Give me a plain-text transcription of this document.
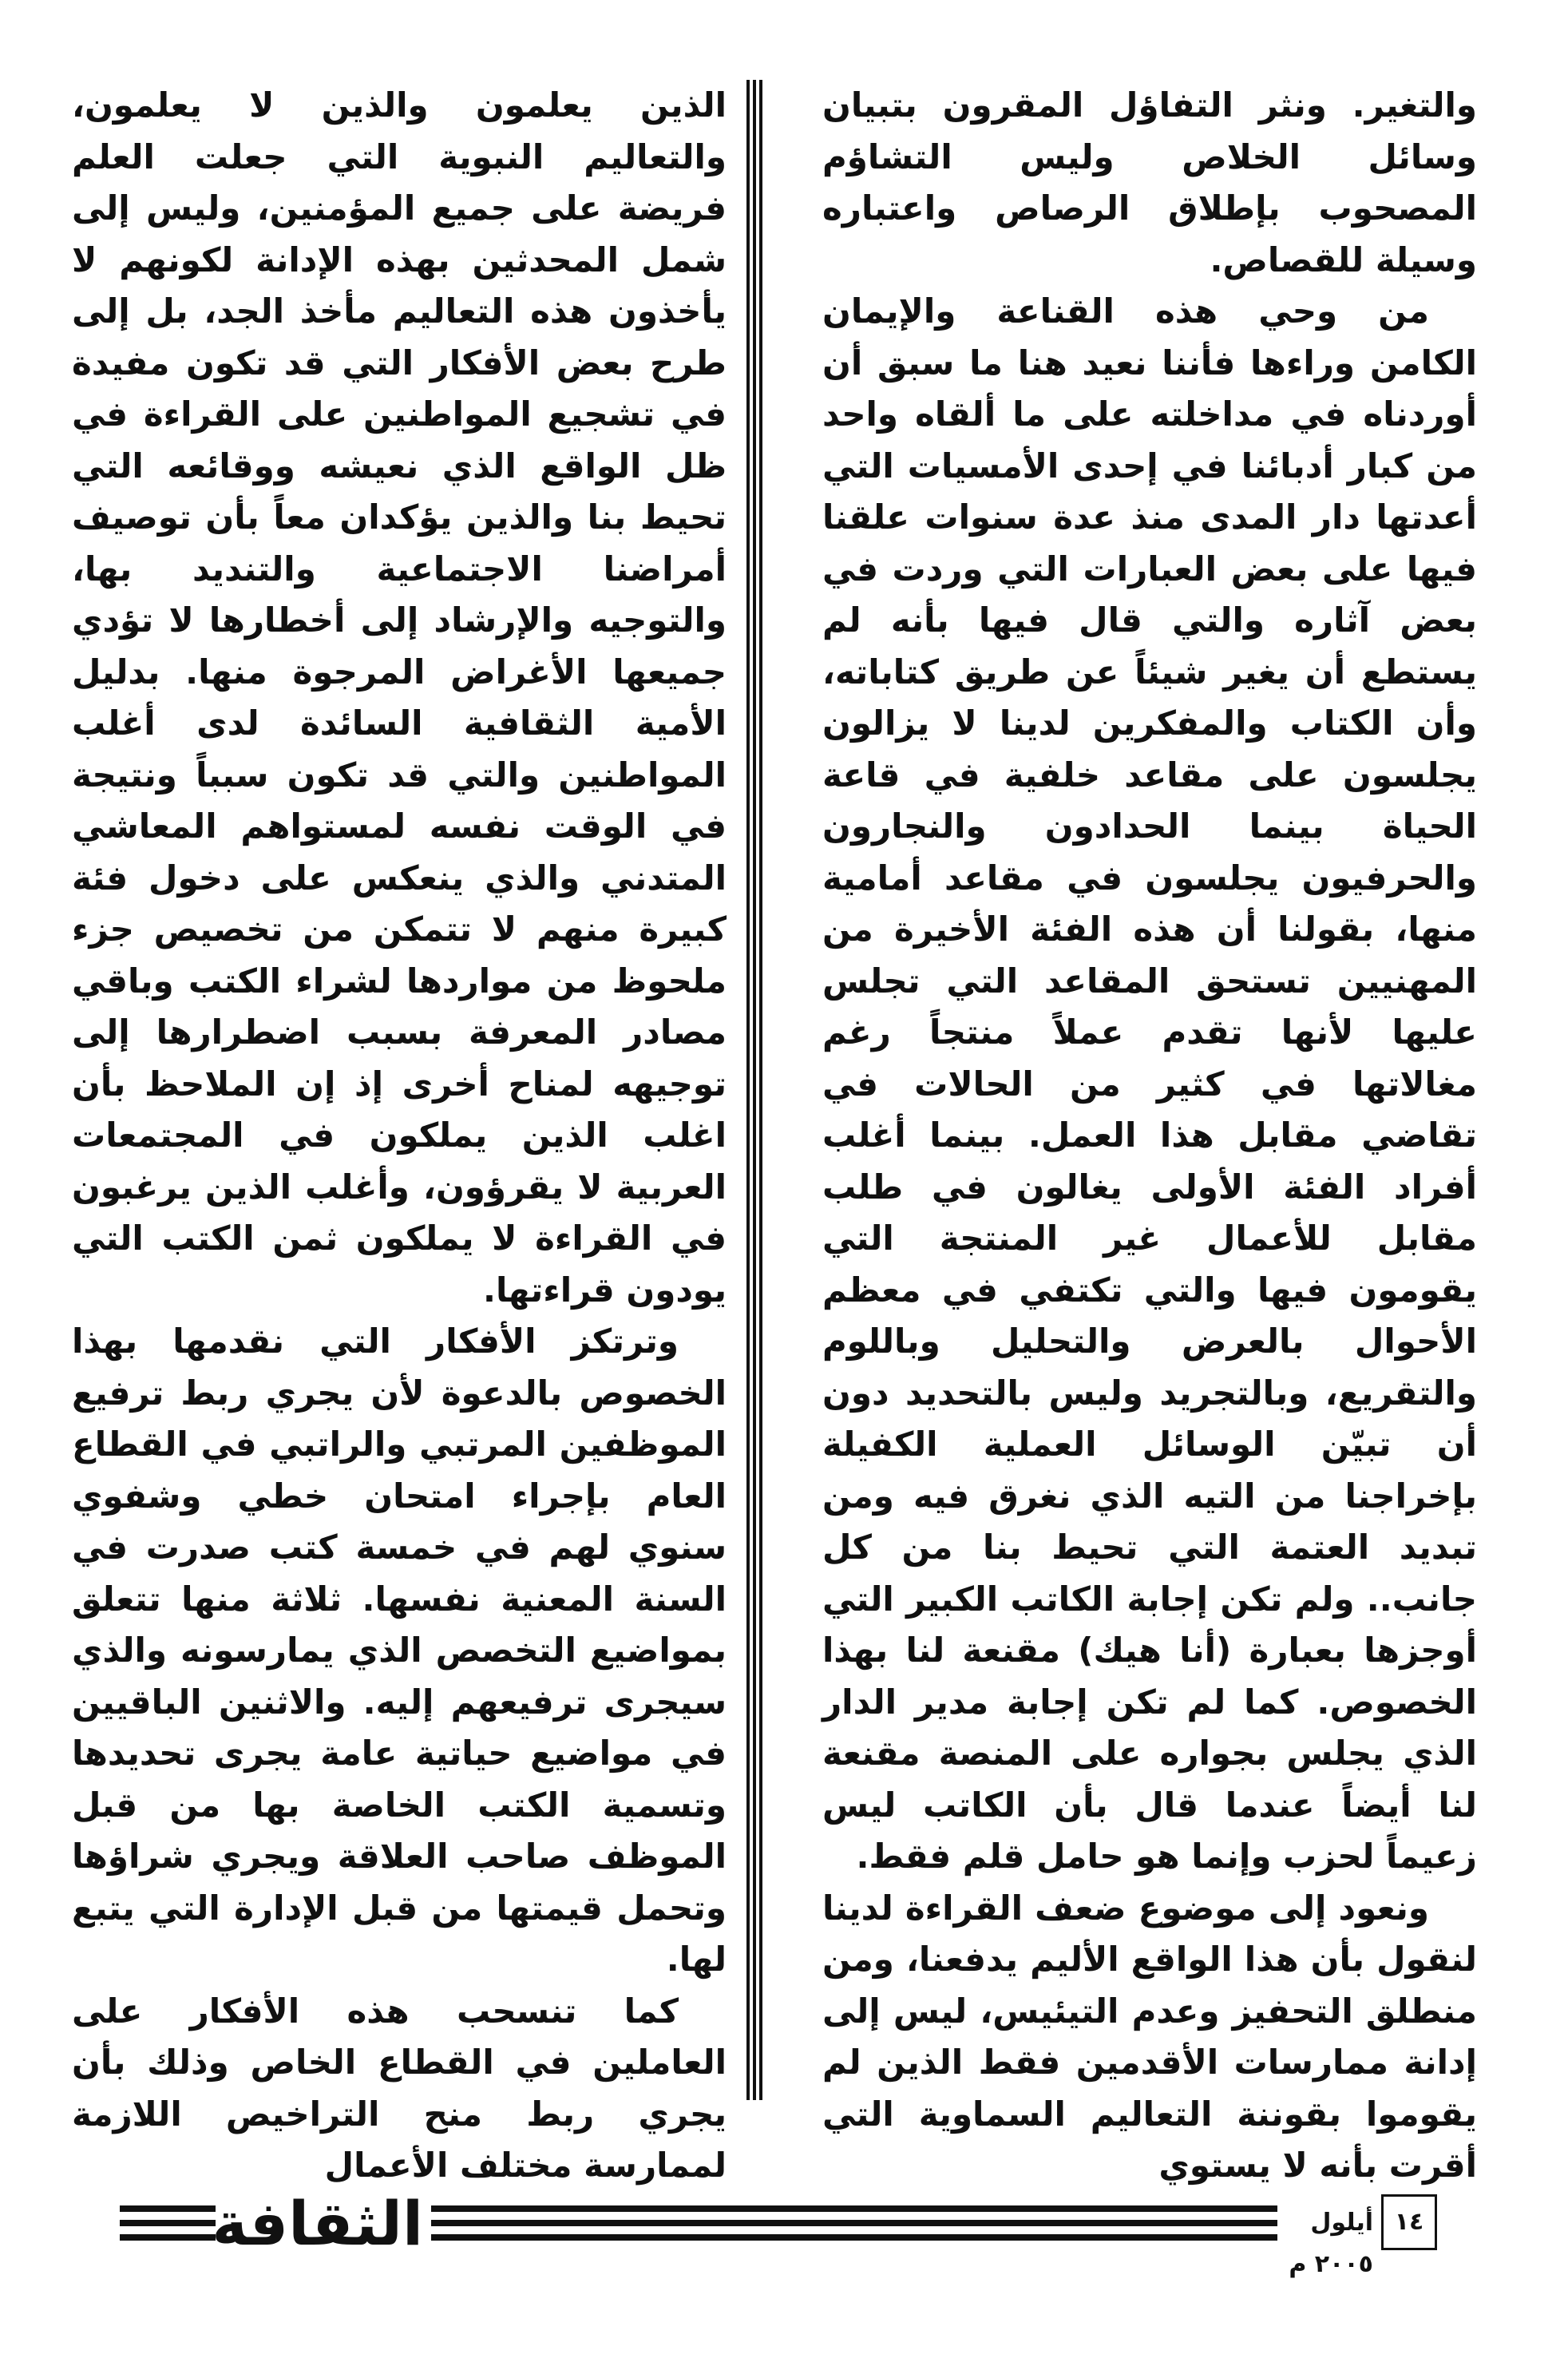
والتغير. ونثر التفاؤل المقرون بتبيان وسائل الخلاص وليس التشاؤم المصحوب بإطلاق الرصاص واعتباره وسيلة للقصاص.

من وحي هذه القناعة والإيمان الكامن وراءها فأننا نعيد هنا ما سبق أن أوردناه في مداخلته على ما ألقاه واحد من كبار أدبائنا في إحدى الأمسيات التي أعدتها دار المدى منذ عدة سنوات علقنا فيها على بعض العبارات التي وردت في بعض آثاره والتي قال فيها بأنه لم يستطع أن يغير شيئاً عن طريق كتاباته، وأن الكتاب والمفكرين لدينا لا يزالون يجلسون على مقاعد خلفية في قاعة الحياة بينما الحدادون والنجارون والحرفيون يجلسون في مقاعد أمامية منها، بقولنا أن هذه الفئة الأخيرة من المهنيين تستحق المقاعد التي تجلس عليها لأنها تقدم عملاً منتجاً رغم مغالاتها في كثير من الحالات في تقاضي مقابل هذا العمل. بينما أغلب أفراد الفئة الأولى يغالون في طلب مقابل للأعمال غير المنتجة التي يقومون فيها والتي تكتفي في معظم الأحوال بالعرض والتحليل وباللوم والتقريع، وبالتجريد وليس بالتحديد دون أن تبيّن الوسائل العملية الكفيلة بإخراجنا من التيه الذي نغرق فيه ومن تبديد العتمة التي تحيط بنا من كل جانب.. ولم تكن إجابة الكاتب الكبير التي أوجزها بعبارة (أنا هيك) مقنعة لنا بهذا الخصوص. كما لم تكن إجابة مدير الدار الذي يجلس بجواره على المنصة مقنعة لنا أيضاً عندما قال بأن الكاتب ليس زعيماً لحزب وإنما هو حامل قلم فقط.

ونعود إلى موضوع ضعف القراءة لدينا لنقول بأن هذا الواقع الأليم يدفعنا، ومن منطلق التحفيز وعدم التيئيس، ليس إلى إدانة ممارسات الأقدمين فقط الذين لم يقوموا بقوننة التعاليم السماوية التي أقرت بأنه لا يستوي

الذين يعلمون والذين لا يعلمون، والتعاليم النبوية التي جعلت العلم فريضة على جميع المؤمنين، وليس إلى شمل المحدثين بهذه الإدانة لكونهم لا يأخذون هذه التعاليم مأخذ الجد، بل إلى طرح بعض الأفكار التي قد تكون مفيدة في تشجيع المواطنين على القراءة في ظل الواقع الذي نعيشه ووقائعه التي تحيط بنا والذين يؤكدان معاً بأن توصيف أمراضنا الاجتماعية والتنديد بها، والتوجيه والإرشاد إلى أخطارها لا تؤدي جميعها الأغراض المرجوة منها. بدليل الأمية الثقافية السائدة لدى أغلب المواطنين والتي قد تكون سبباً ونتيجة في الوقت نفسه لمستواهم المعاشي المتدني والذي ينعكس على دخول فئة كبيرة منهم لا تتمكن من تخصيص جزء ملحوظ من مواردها لشراء الكتب وباقي مصادر المعرفة بسبب اضطرارها إلى توجيهه لمناح أخرى إذ إن الملاحظ بأن اغلب الذين يملكون في المجتمعات العربية لا يقرؤون، وأغلب الذين يرغبون في القراءة لا يملكون ثمن الكتب التي يودون قراءتها.

وترتكز الأفكار التي نقدمها بهذا الخصوص بالدعوة لأن يجري ربط ترفيع الموظفين المرتبي والراتبي في القطاع العام بإجراء امتحان خطي وشفوي سنوي لهم في خمسة كتب صدرت في السنة المعنية نفسها. ثلاثة منها تتعلق بمواضيع التخصص الذي يمارسونه والذي سيجرى ترفيعهم إليه. والاثنين الباقيين في مواضيع حياتية عامة يجرى تحديدها وتسمية الكتب الخاصة بها من قبل الموظف صاحب العلاقة ويجري شراؤها وتحمل قيمتها من قبل الإدارة التي يتبع لها.

كما تنسحب هذه الأفكار على العاملين في القطاع الخاص وذلك بأن يجري ربط منح التراخيص اللازمة لممارسة مختلف الأعمال

الثقافة	أيلول ٢٠٠٥ م
١٤
